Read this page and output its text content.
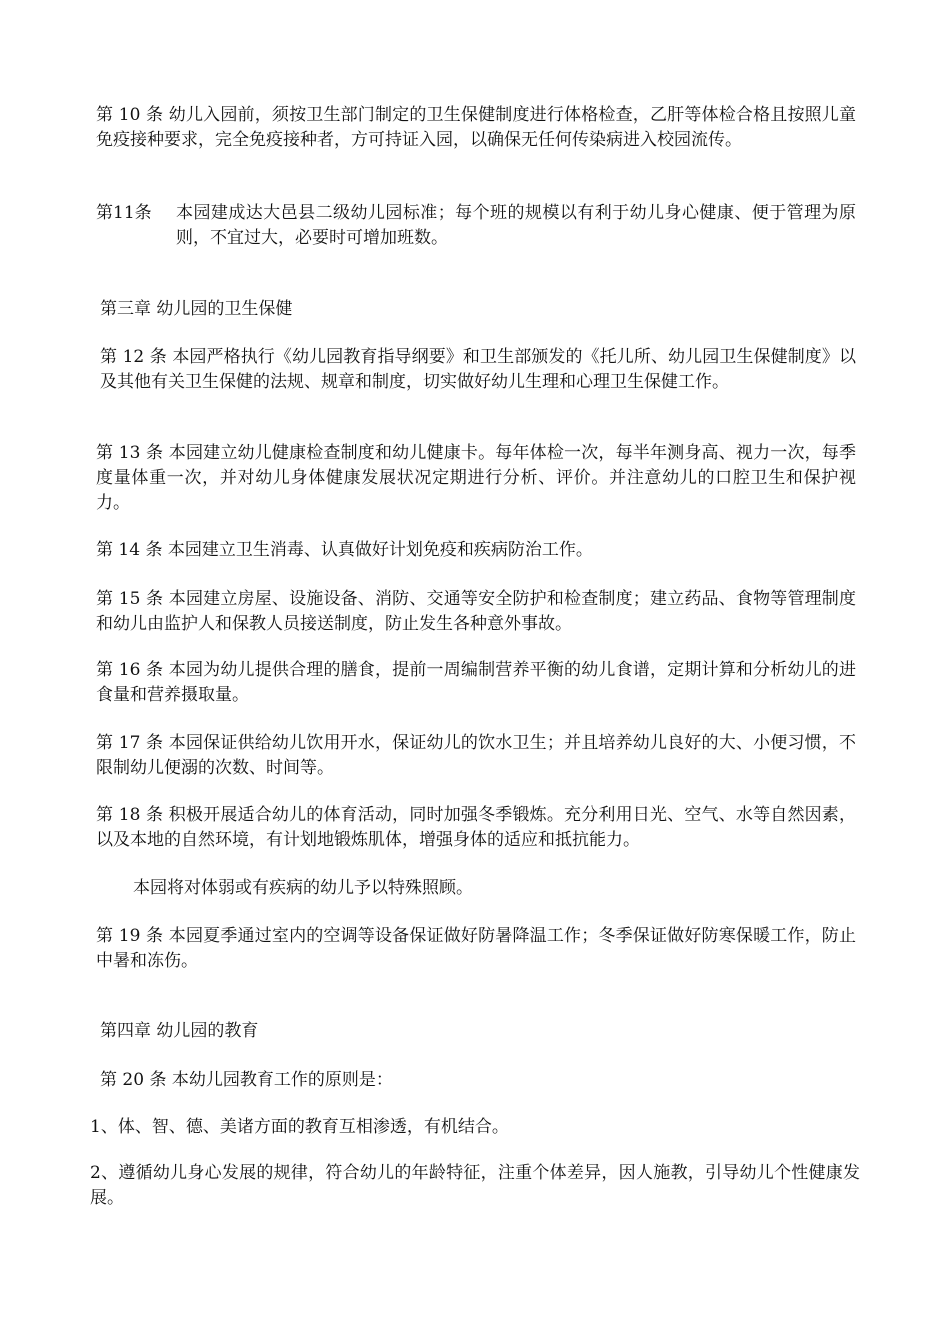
第 10 条 幼儿入园前，须按卫生部门制定的卫生保健制度进行体格检查，乙肝等体检合格且按照儿童免疫接种要求，完全免疫接种者，方可持证入园，以确保无任何传染病进入校园流传。

第11条 本园建成达大邑县二级幼儿园标准；每个班的规模以有利于幼儿身心健康、便于管理为原则，不宜过大，必要时可增加班数。
第三章 幼儿园的卫生保健

第 12 条 本园严格执行《幼儿园教育指导纲要》和卫生部颁发的《托儿所、幼儿园卫生保健制度》以及其他有关卫生保健的法规、规章和制度，切实做好幼儿生理和心理卫生保健工作。

第 13 条 本园建立幼儿健康检查制度和幼儿健康卡。每年体检一次，每半年测身高、视力一次，每季度量体重一次，并对幼儿身体健康发展状况定期进行分析、评价。并注意幼儿的口腔卫生和保护视力。

第 14 条 本园建立卫生消毒、认真做好计划免疫和疾病防治工作。

第 15 条 本园建立房屋、设施设备、消防、交通等安全防护和检查制度；建立药品、食物等管理制度和幼儿由监护人和保教人员接送制度，防止发生各种意外事故。

第 16 条 本园为幼儿提供合理的膳食，提前一周编制营养平衡的幼儿食谱，定期计算和分析幼儿的进食量和营养摄取量。

第 17 条 本园保证供给幼儿饮用开水，保证幼儿的饮水卫生；并且培养幼儿良好的大、小便习惯，不限制幼儿便溺的次数、时间等。

第 18 条 积极开展适合幼儿的体育活动，同时加强冬季锻炼。充分利用日光、空气、水等自然因素，以及本地的自然环境，有计划地锻炼肌体，增强身体的适应和抵抗能力。

本园将对体弱或有疾病的幼儿予以特殊照顾。

第 19 条 本园夏季通过室内的空调等设备保证做好防暑降温工作；冬季保证做好防寒保暖工作，防止中暑和冻伤。

第四章 幼儿园的教育
第 20 条 本幼儿园教育工作的原则是：
1、体、智、德、美诸方面的教育互相渗透，有机结合。
2、遵循幼儿身心发展的规律，符合幼儿的年龄特征，注重个体差异，因人施教，引导幼儿个性健康发展。
